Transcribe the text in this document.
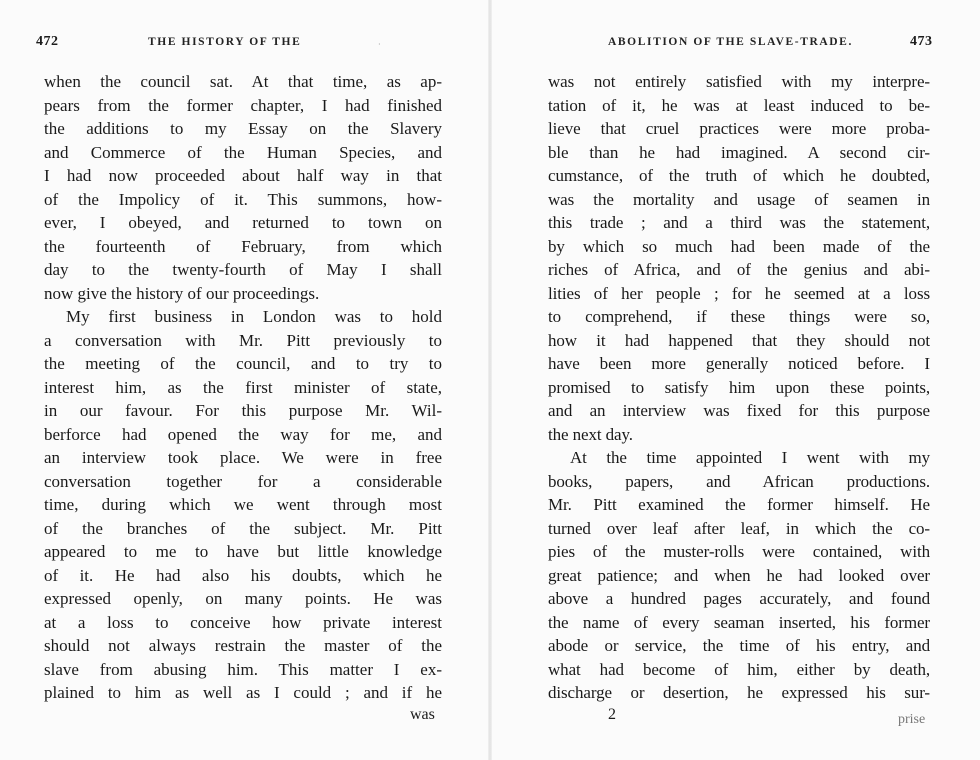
472	THE HISTORY OF THE	·
when the council sat. At that time, as ap-
pears from the former chapter, I had finished
the additions to my Essay on the Slavery
and Commerce of the Human Species, and
I had now proceeded about half way in that
of the Impolicy of it. This summons, how-
ever, I obeyed, and returned to town on
the fourteenth of February, from which
day to the twenty-fourth of May I shall
now give the history of our proceedings.
My first business in London was to hold
a conversation with Mr. Pitt previously to
the meeting of the council, and to try to
interest him, as the first minister of state,
in our favour. For this purpose Mr. Wil-
berforce had opened the way for me, and
an interview took place. We were in free
conversation together for a considerable
time, during which we went through most
of the branches of the subject. Mr. Pitt
appeared to me to have but little knowledge
of it. He had also his doubts, which he
expressed openly, on many points. He was
at a loss to conceive how private interest
should not always restrain the master of the
slave from abusing him. This matter I ex-
plained to him as well as I could ; and if he
was
ABOLITION OF THE SLAVE-TRADE.	473
was not entirely satisfied with my interpre-
tation of it, he was at least induced to be-
lieve that cruel practices were more proba-
ble than he had imagined. A second cir-
cumstance, of the truth of which he doubted,
was the mortality and usage of seamen in
this trade ; and a third was the statement,
by which so much had been made of the
riches of Africa, and of the genius and abi-
lities of her people ; for he seemed at a loss
to comprehend, if these things were so,
how it had happened that they should not
have been more generally noticed before. I
promised to satisfy him upon these points,
and an interview was fixed for this purpose
the next day.
At the time appointed I went with my
books, papers, and African productions.
Mr. Pitt examined the former himself. He
turned over leaf after leaf, in which the co-
pies of the muster-rolls were contained, with
great patience; and when he had looked over
above a hundred pages accurately, and found
the name of every seaman inserted, his former
abode or service, the time of his entry, and
what had become of him, either by death,
discharge or desertion, he expressed his sur-
2	prise
